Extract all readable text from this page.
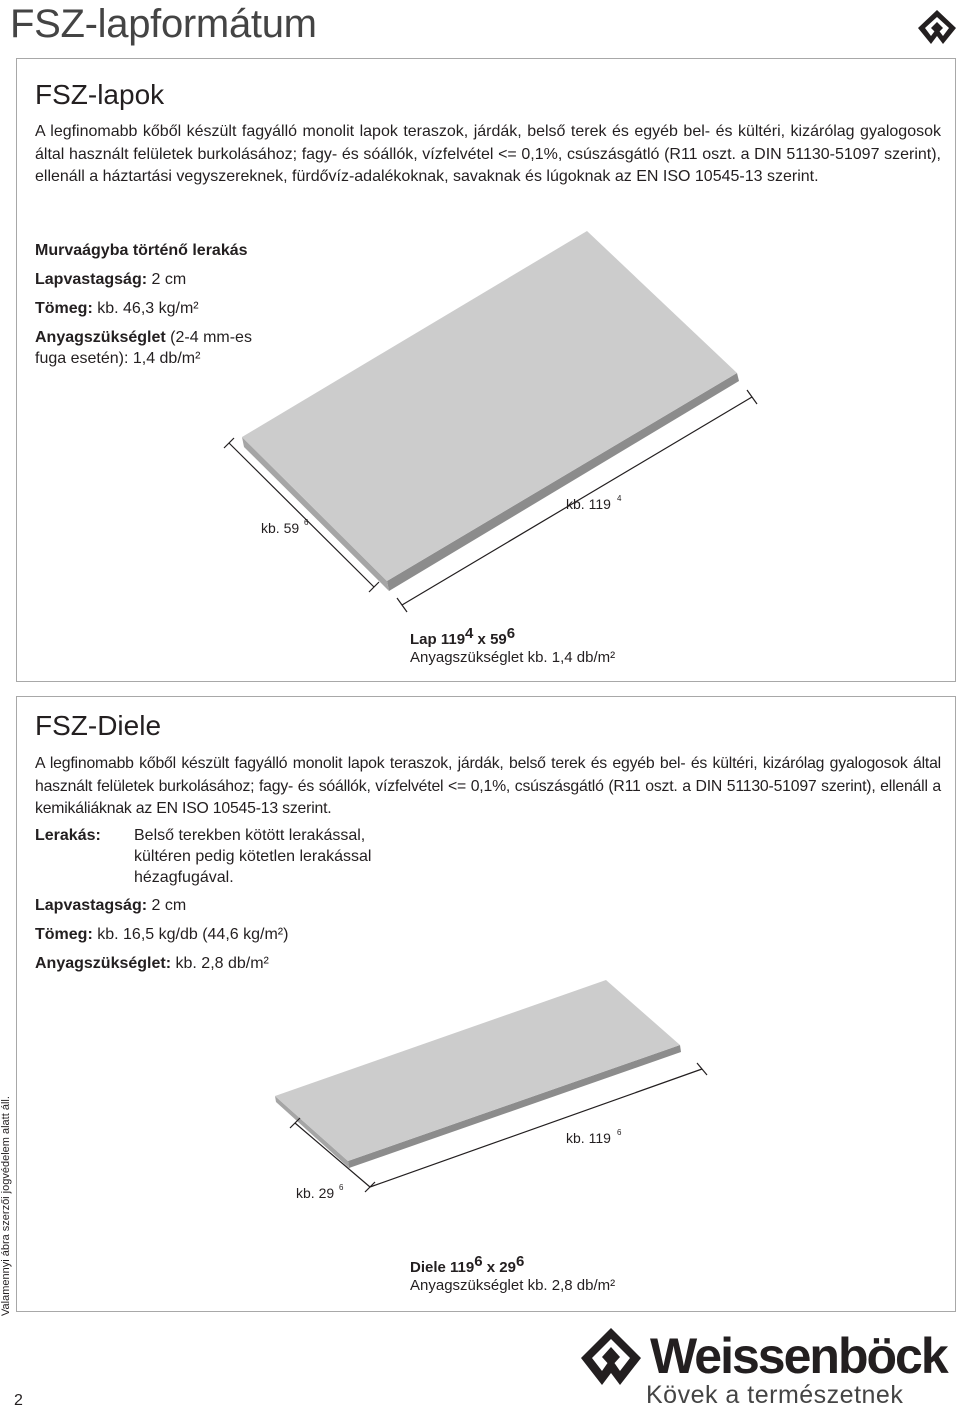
FSZ-lapformátum
FSZ-lapok

A legfinomabb kőből készült fagyálló monolit lapok teraszok, járdák, belső terek és egyéb bel- és kültéri, kizárólag gyalogosok által használt felületek burkolásához; fagy- és sóállók, vízfelvétel <= 0,1%, csúszásgátló (R11 oszt. a DIN 51130-51097 szerint), ellenáll a háztartási vegyszereknek, fürdővíz-adalékoknak, savaknak és lúgoknak az EN ISO 10545-13 szerint.

Murvaágyba történő lerakás

Lapvastagság: 2 cm

Tömeg: kb. 46,3 kg/m²

Anyagszükséglet (2-4 mm-es
fuga esetén): 1,4 db/m²

kb. 59 6
kb. 119 4

Lap $119^4$ x $59^6$
Anyagszükséglet kb. 1,4 db/m²

FSZ-Diele

A legfinomabb kőből készült fagyálló monolit lapok teraszok, járdák, belső terek és egyéb bel- és kültéri, kizárólag gyalogosok által használt felületek burkolásához; fagy- és sóállók, vízfelvétel <= 0,1%, csúszásgátló (R11 oszt. a DIN 51130-51097 szerint), ellenáll a kemikáliáknak az EN ISO 10545-13 szerint.

Lerakás: Belső terekben kötött lerakással,
kültéren pedig kötetlen lerakással
hézagfugával.

Lapvastagság: 2 cm

Tömeg: kb. 16,5 kg/db (44,6 kg/m²)

Anyagszükséglet: kb. 2,8 db/m²

kb. 29 6
kb. 119 6

Diele $119^6$ x $29^6$
Anyagszükséglet kb. 2,8 db/m²

Valamennyi ábra szerzői jogvédelem alatt áll.

2

Weissenböck

Kövek a természetnek
